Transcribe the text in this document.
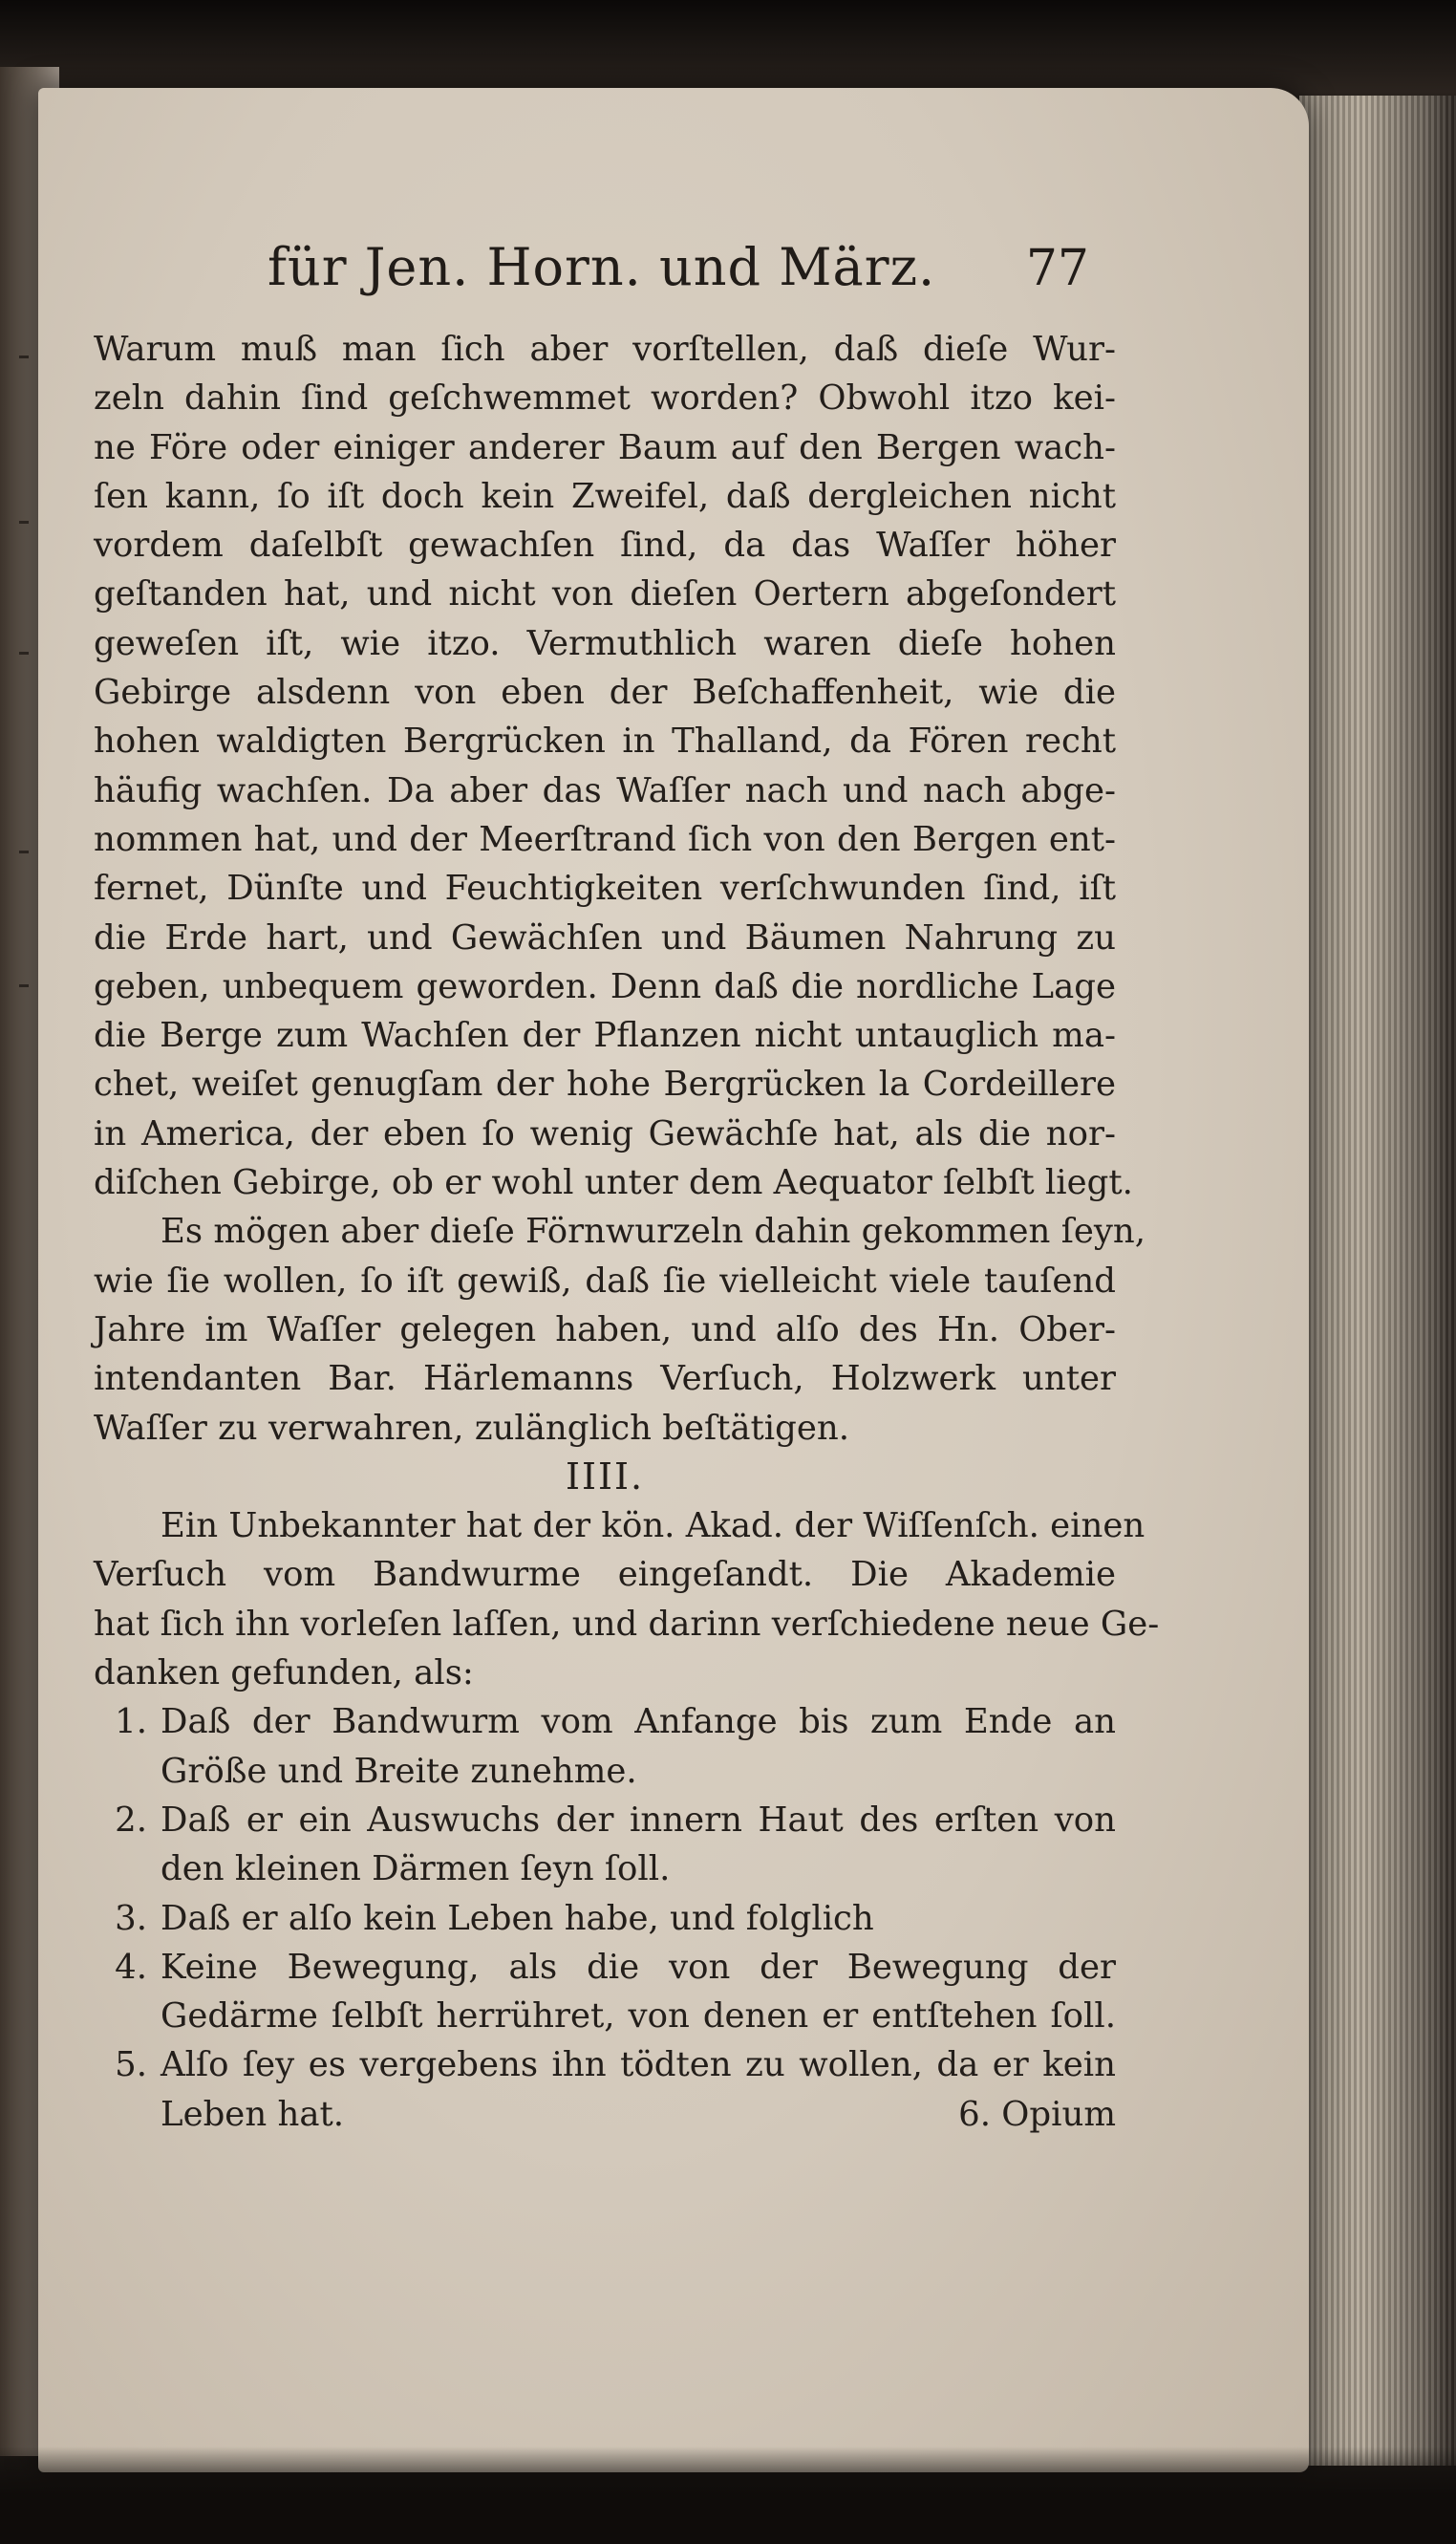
für Jen. Horn. und März. 77
Warum muß man ſich aber vorſtellen, daß dieſe Wur-
zeln dahin ſind geſchwemmet worden? Obwohl itzo kei-
ne Före oder einiger anderer Baum auf den Bergen wach-
ſen kann, ſo iſt doch kein Zweifel, daß dergleichen nicht
vordem daſelbſt gewachſen ſind, da das Waſſer höher
geſtanden hat, und nicht von dieſen Oertern abgeſondert
geweſen iſt, wie itzo. Vermuthlich waren dieſe hohen
Gebirge alsdenn von eben der Beſchaffenheit, wie die
hohen waldigten Bergrücken in Thalland, da Fören recht
häufig wachſen. Da aber das Waſſer nach und nach abge-
nommen hat, und der Meerſtrand ſich von den Bergen ent-
fernet, Dünſte und Feuchtigkeiten verſchwunden ſind, iſt
die Erde hart, und Gewächſen und Bäumen Nahrung zu
geben, unbequem geworden. Denn daß die nordliche Lage
die Berge zum Wachſen der Pflanzen nicht untauglich ma-
chet, weiſet genugſam der hohe Bergrücken la Cordeillere
in America, der eben ſo wenig Gewächſe hat, als die nor-
diſchen Gebirge, ob er wohl unter dem Aequator ſelbſt liegt.
Es mögen aber dieſe Förnwurzeln dahin gekommen ſeyn,
wie ſie wollen, ſo iſt gewiß, daß ſie vielleicht viele tauſend
Jahre im Waſſer gelegen haben, und alſo des Hn. Ober-
intendanten Bar. Härlemanns Verſuch, Holzwerk unter
Waſſer zu verwahren, zulänglich beſtätigen.
IIII.
Ein Unbekannter hat der kön. Akad. der Wiſſenſch. einen
Verſuch vom Bandwurme eingeſandt. Die Akademie
hat ſich ihn vorleſen laſſen, und darinn verſchiedene neue Ge-
danken gefunden, als:
1. Daß der Bandwurm vom Anfange bis zum Ende an
Größe und Breite zunehme.
2. Daß er ein Auswuchs der innern Haut des erſten von
den kleinen Därmen ſeyn ſoll.
3. Daß er alſo kein Leben habe, und folglich
4. Keine Bewegung, als die von der Bewegung der
Gedärme ſelbſt herrühret, von denen er entſtehen ſoll.
5. Alſo ſey es vergebens ihn tödten zu wollen, da er kein
Leben hat.	6. Opium
